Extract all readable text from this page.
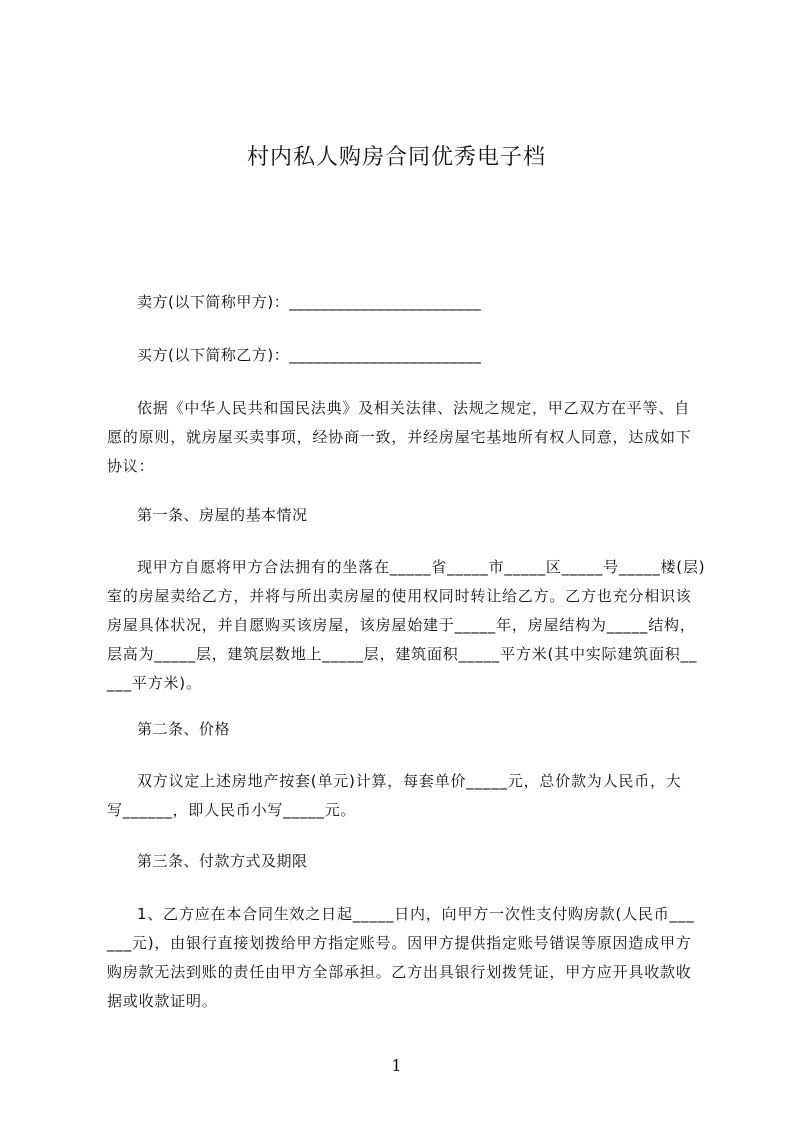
村内私人购房合同优秀电子档
卖方(以下简称甲方)：________________________
买方(以下简称乙方)：________________________
依据《中华人民共和国民法典》及相关法律、法规之规定，甲乙双方在平等、自
愿的原则，就房屋买卖事项，经协商一致，并经房屋宅基地所有权人同意，达成如下
协议：
第一条、房屋的基本情况
现甲方自愿将甲方合法拥有的坐落在_____省_____市_____区_____号_____楼(层)
室的房屋卖给乙方，并将与所出卖房屋的使用权同时转让给乙方。乙方也充分相识该
房屋具体状况，并自愿购买该房屋，该房屋始建于_____年，房屋结构为_____结构，
层高为_____层，建筑层数地上_____层，建筑面积_____平方米(其中实际建筑面积__
___平方米)。
第二条、价格
双方议定上述房地产按套(单元)计算，每套单价_____元，总价款为人民币，大
写______，即人民币小写_____元。
第三条、付款方式及期限
1、乙方应在本合同生效之日起_____日内，向甲方一次性支付购房款(人民币___
___元)，由银行直接划拨给甲方指定账号。因甲方提供指定账号错误等原因造成甲方
购房款无法到账的责任由甲方全部承担。乙方出具银行划拨凭证，甲方应开具收款收
据或收款证明。
1
